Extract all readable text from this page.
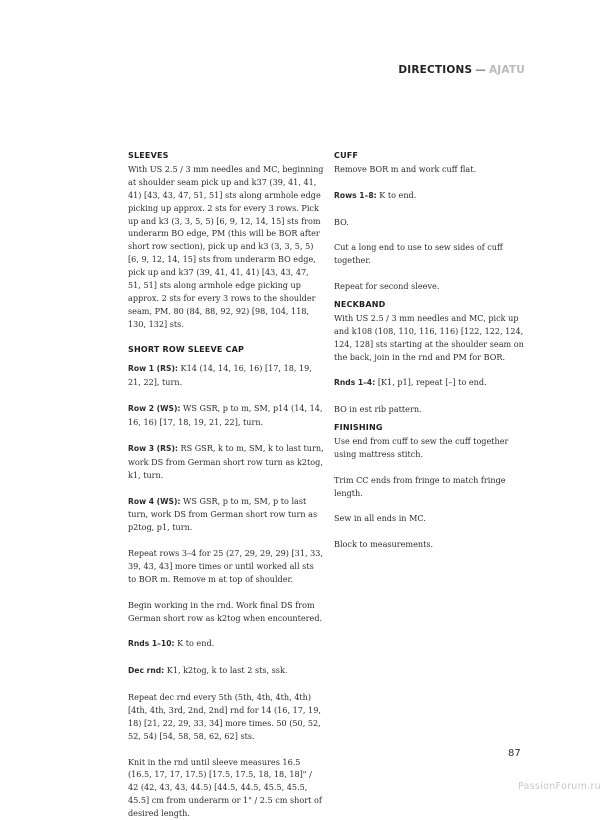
DIRECTIONS — AJATU
SLEEVES

With US 2.5 / 3 mm needles and MC, beginning at shoulder seam pick up and k37 (39, 41, 41, 41) [43, 43, 47, 51, 51] sts along armhole edge picking up approx. 2 sts for every 3 rows. Pick up and k3 (3, 3, 5, 5) [6, 9, 12, 14, 15] sts from underarm BO edge, PM (this will be BOR after short row section), pick up and k3 (3, 3, 5, 5) [6, 9, 12, 14, 15] sts from underarm BO edge, pick up and k37 (39, 41, 41, 41) [43, 43, 47, 51, 51] sts along armhole edge picking up approx. 2 sts for every 3 rows to the shoulder seam, PM. 80 (84, 88, 92, 92) [98, 104, 118, 130, 132] sts.

SHORT ROW SLEEVE CAP

Row 1 (RS): K14 (14, 14, 16, 16) [17, 18, 19, 21, 22], turn.

Row 2 (WS): WS GSR, p to m, SM, p14 (14, 14, 16, 16) [17, 18, 19, 21, 22], turn.

Row 3 (RS): RS GSR, k to m, SM, k to last turn, work DS from German short row turn as k2tog, k1, turn.

Row 4 (WS): WS GSR, p to m, SM, p to last turn, work DS from German short row turn as p2tog, p1, turn.

Repeat rows 3–4 for 25 (27, 29, 29, 29) [31, 33, 39, 43, 43] more times or until worked all sts to BOR m. Remove m at top of shoulder.

Begin working in the rnd. Work final DS from German short row as k2tog when encountered.

Rnds 1–10: K to end.

Dec rnd: K1, k2tog, k to last 2 sts, ssk.

Repeat dec rnd every 5th (5th, 4th, 4th, 4th) [4th, 4th, 3rd, 2nd, 2nd] rnd for 14 (16, 17, 19, 18) [21, 22, 29, 33, 34] more times. 50 (50, 52, 52, 54) [54, 58, 58, 62, 62] sts.

Knit in the rnd until sleeve measures 16.5 (16.5, 17, 17, 17.5) [17.5, 17.5, 18, 18, 18]" / 42 (42, 43, 43, 44.5) [44.5, 44.5, 45.5, 45.5, 45.5] cm from underarm or 1" / 2.5 cm short of desired length.

CUFF

Remove BOR m and work cuff flat.

Rows 1–8: K to end.

BO.

Cut a long end to use to sew sides of cuff together.

Repeat for second sleeve.

NECKBAND

With US 2.5 / 3 mm needles and MC, pick up and k108 (108, 110, 116, 116) [122, 122, 124, 124, 128] sts starting at the shoulder seam on the back, join in the rnd and PM for BOR.

Rnds 1–4: [K1, p1], repeat [–] to end.

BO in est rib pattern.

FINISHING

Use end from cuff to sew the cuff together using mattress stitch.

Trim CC ends from fringe to match fringe length.

Sew in all ends in MC.

Block to measurements.

87
PassionForum.ru
